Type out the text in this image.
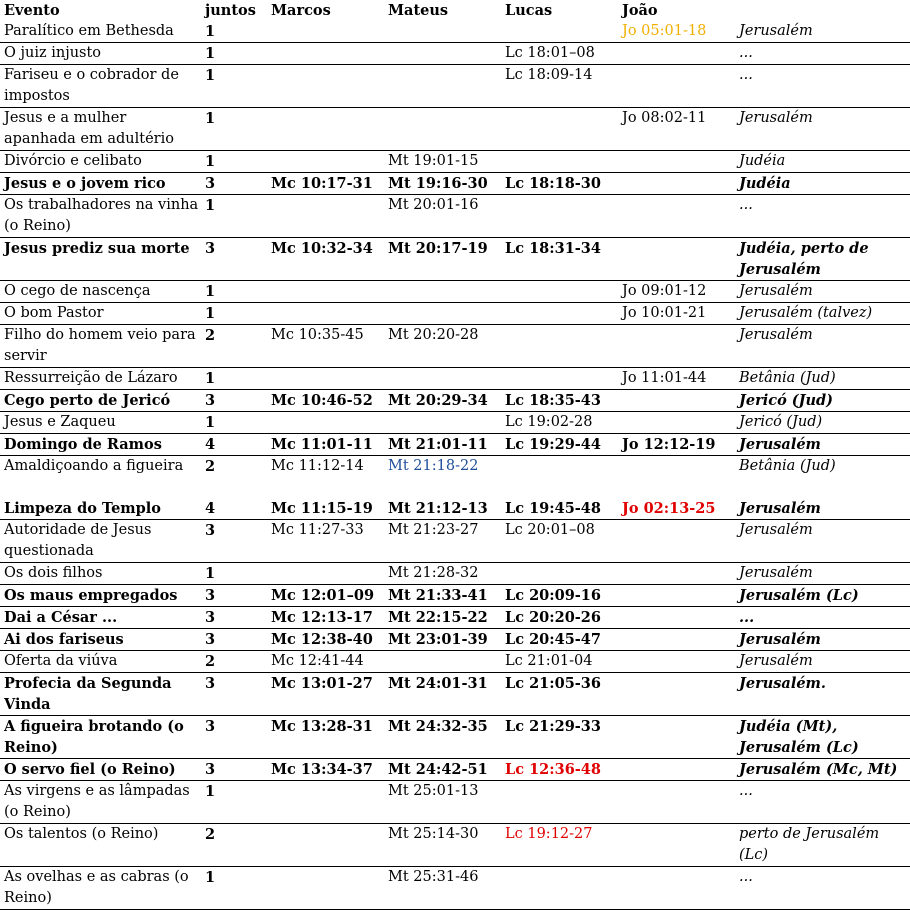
Evento	juntos	Marcos	Mateus	Lucas	João	
Paralítico em Bethesda	1				Jo 05:01-18	Jerusalém
O juiz injusto	1			Lc 18:01–08		...
Fariseu e o cobrador de impostos	1			Lc 18:09-14		...
Jesus e a mulher apanhada em adultério	1				Jo 08:02-11	Jerusalém
Divórcio e celibato	1		Mt 19:01-15			Judéia
Jesus e o jovem rico	3	Mc 10:17-31	Mt 19:16-30	Lc 18:18-30		Judéia
Os trabalhadores na vinha (o Reino)	1		Mt 20:01-16			...
Jesus prediz sua morte	3	Mc 10:32-34	Mt 20:17-19	Lc 18:31-34		Judéia, perto de Jerusalém
O cego de nascença	1				Jo 09:01-12	Jerusalém
O bom Pastor	1				Jo 10:01-21	Jerusalém (talvez)
Filho do homem veio para servir	2	Mc 10:35-45	Mt 20:20-28			Jerusalém
Ressurreição de Lázaro	1				Jo 11:01-44	Betânia (Jud)
Cego perto de Jericó	3	Mc 10:46-52	Mt 20:29-34	Lc 18:35-43		Jericó (Jud)
Jesus e Zaqueu	1			Lc 19:02-28		Jericó (Jud)
Domingo de Ramos	4	Mc 11:01-11	Mt 21:01-11	Lc 19:29-44	Jo 12:12-19	Jerusalém
Amaldiçoando a figueira	2	Mc 11:12-14	Mt 21:18-22			Betânia (Jud)
Limpeza do Templo	4	Mc 11:15-19	Mt 21:12-13	Lc 19:45-48	Jo 02:13-25	Jerusalém
Autoridade de Jesus questionada	3	Mc 11:27-33	Mt 21:23-27	Lc 20:01–08		Jerusalém
Os dois filhos	1		Mt 21:28-32			Jerusalém
Os maus empregados	3	Mc 12:01–09	Mt 21:33-41	Lc 20:09-16		Jerusalém (Lc)
Dai a César ...	3	Mc 12:13-17	Mt 22:15-22	Lc 20:20-26		...
Ai dos fariseus	3	Mc 12:38-40	Mt 23:01-39	Lc 20:45-47		Jerusalém
Oferta da viúva	2	Mc 12:41-44		Lc 21:01-04		Jerusalém
Profecia da Segunda Vinda	3	Mc 13:01-27	Mt 24:01-31	Lc 21:05-36		Jerusalém.
A figueira brotando (o Reino)	3	Mc 13:28-31	Mt 24:32-35	Lc 21:29-33		Judéia (Mt), Jerusalém (Lc)
O servo fiel (o Reino)	3	Mc 13:34-37	Mt 24:42-51	Lc 12:36-48		Jerusalém (Mc, Mt)
As virgens e as lâmpadas (o Reino)	1		Mt 25:01-13			...
Os talentos (o Reino)	2		Mt 25:14-30	Lc 19:12-27		perto de Jerusalém (Lc)
As ovelhas e as cabras (o Reino)	1		Mt 25:31-46			...
